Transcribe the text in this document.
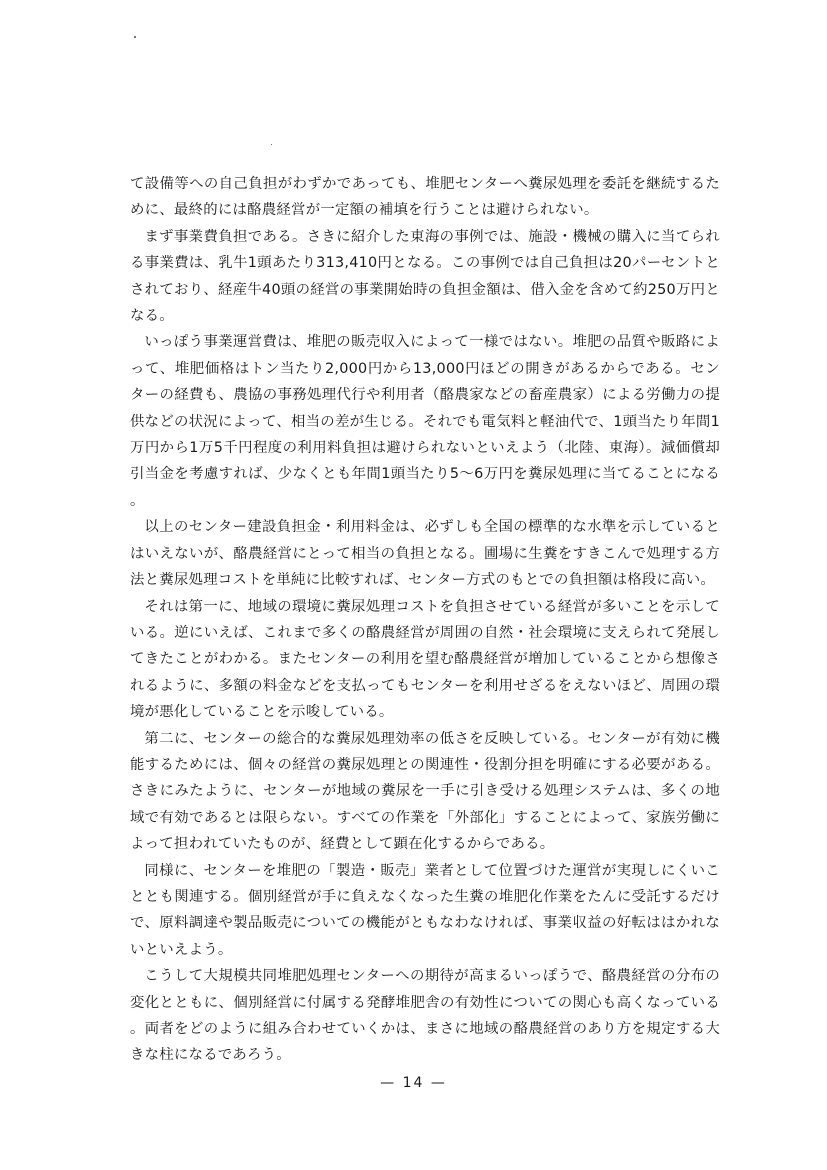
て設備等への自己負担がわずかであっても、堆肥センターへ糞尿処理を委託を継続するために、最終的には酪農経営が一定額の補填を行うことは避けられない。

まず事業費負担である。さきに紹介した東海の事例では、施設・機械の購入に当てられる事業費は、乳牛1頭あたり313,410円となる。この事例では自己負担は20パーセントとされており、経産牛40頭の経営の事業開始時の負担金額は、借入金を含めて約250万円となる。

いっぽう事業運営費は、堆肥の販売収入によって一様ではない。堆肥の品質や販路によって、堆肥価格はトン当たり2,000円から13,000円ほどの開きがあるからである。センターの経費も、農協の事務処理代行や利用者（酪農家などの畜産農家）による労働力の提供などの状況によって、相当の差が生じる。それでも電気料と軽油代で、1頭当たり年間1万円から1万5千円程度の利用料負担は避けられないといえよう（北陸、東海）。減価償却引当金を考慮すれば、少なくとも年間1頭当たり5～6万円を糞尿処理に当てることになる。

以上のセンター建設負担金・利用料金は、必ずしも全国の標準的な水準を示しているとはいえないが、酪農経営にとって相当の負担となる。圃場に生糞をすきこんで処理する方法と糞尿処理コストを単純に比較すれば、センター方式のもとでの負担額は格段に高い。

それは第一に、地域の環境に糞尿処理コストを負担させている経営が多いことを示している。逆にいえば、これまで多くの酪農経営が周囲の自然・社会環境に支えられて発展してきたことがわかる。またセンターの利用を望む酪農経営が増加していることから想像されるように、多額の料金などを支払ってもセンターを利用せざるをえないほど、周囲の環境が悪化していることを示唆している。

第二に、センターの総合的な糞尿処理効率の低さを反映している。センターが有効に機能するためには、個々の経営の糞尿処理との関連性・役割分担を明確にする必要がある。さきにみたように、センターが地域の糞尿を一手に引き受ける処理システムは、多くの地域で有効であるとは限らない。すべての作業を「外部化」することによって、家族労働によって担われていたものが、経費として顕在化するからである。

同様に、センターを堆肥の「製造・販売」業者として位置づけた運営が実現しにくいこととも関連する。個別経営が手に負えなくなった生糞の堆肥化作業をたんに受託するだけで、原料調達や製品販売についての機能がともなわなければ、事業収益の好転ははかれないといえよう。

こうして大規模共同堆肥処理センターへの期待が高まるいっぽうで、酪農経営の分布の変化とともに、個別経営に付属する発酵堆肥舎の有効性についての関心も高くなっている。両者をどのように組み合わせていくかは、まさに地域の酪農経営のあり方を規定する大きな柱になるであろう。

— 14 —
